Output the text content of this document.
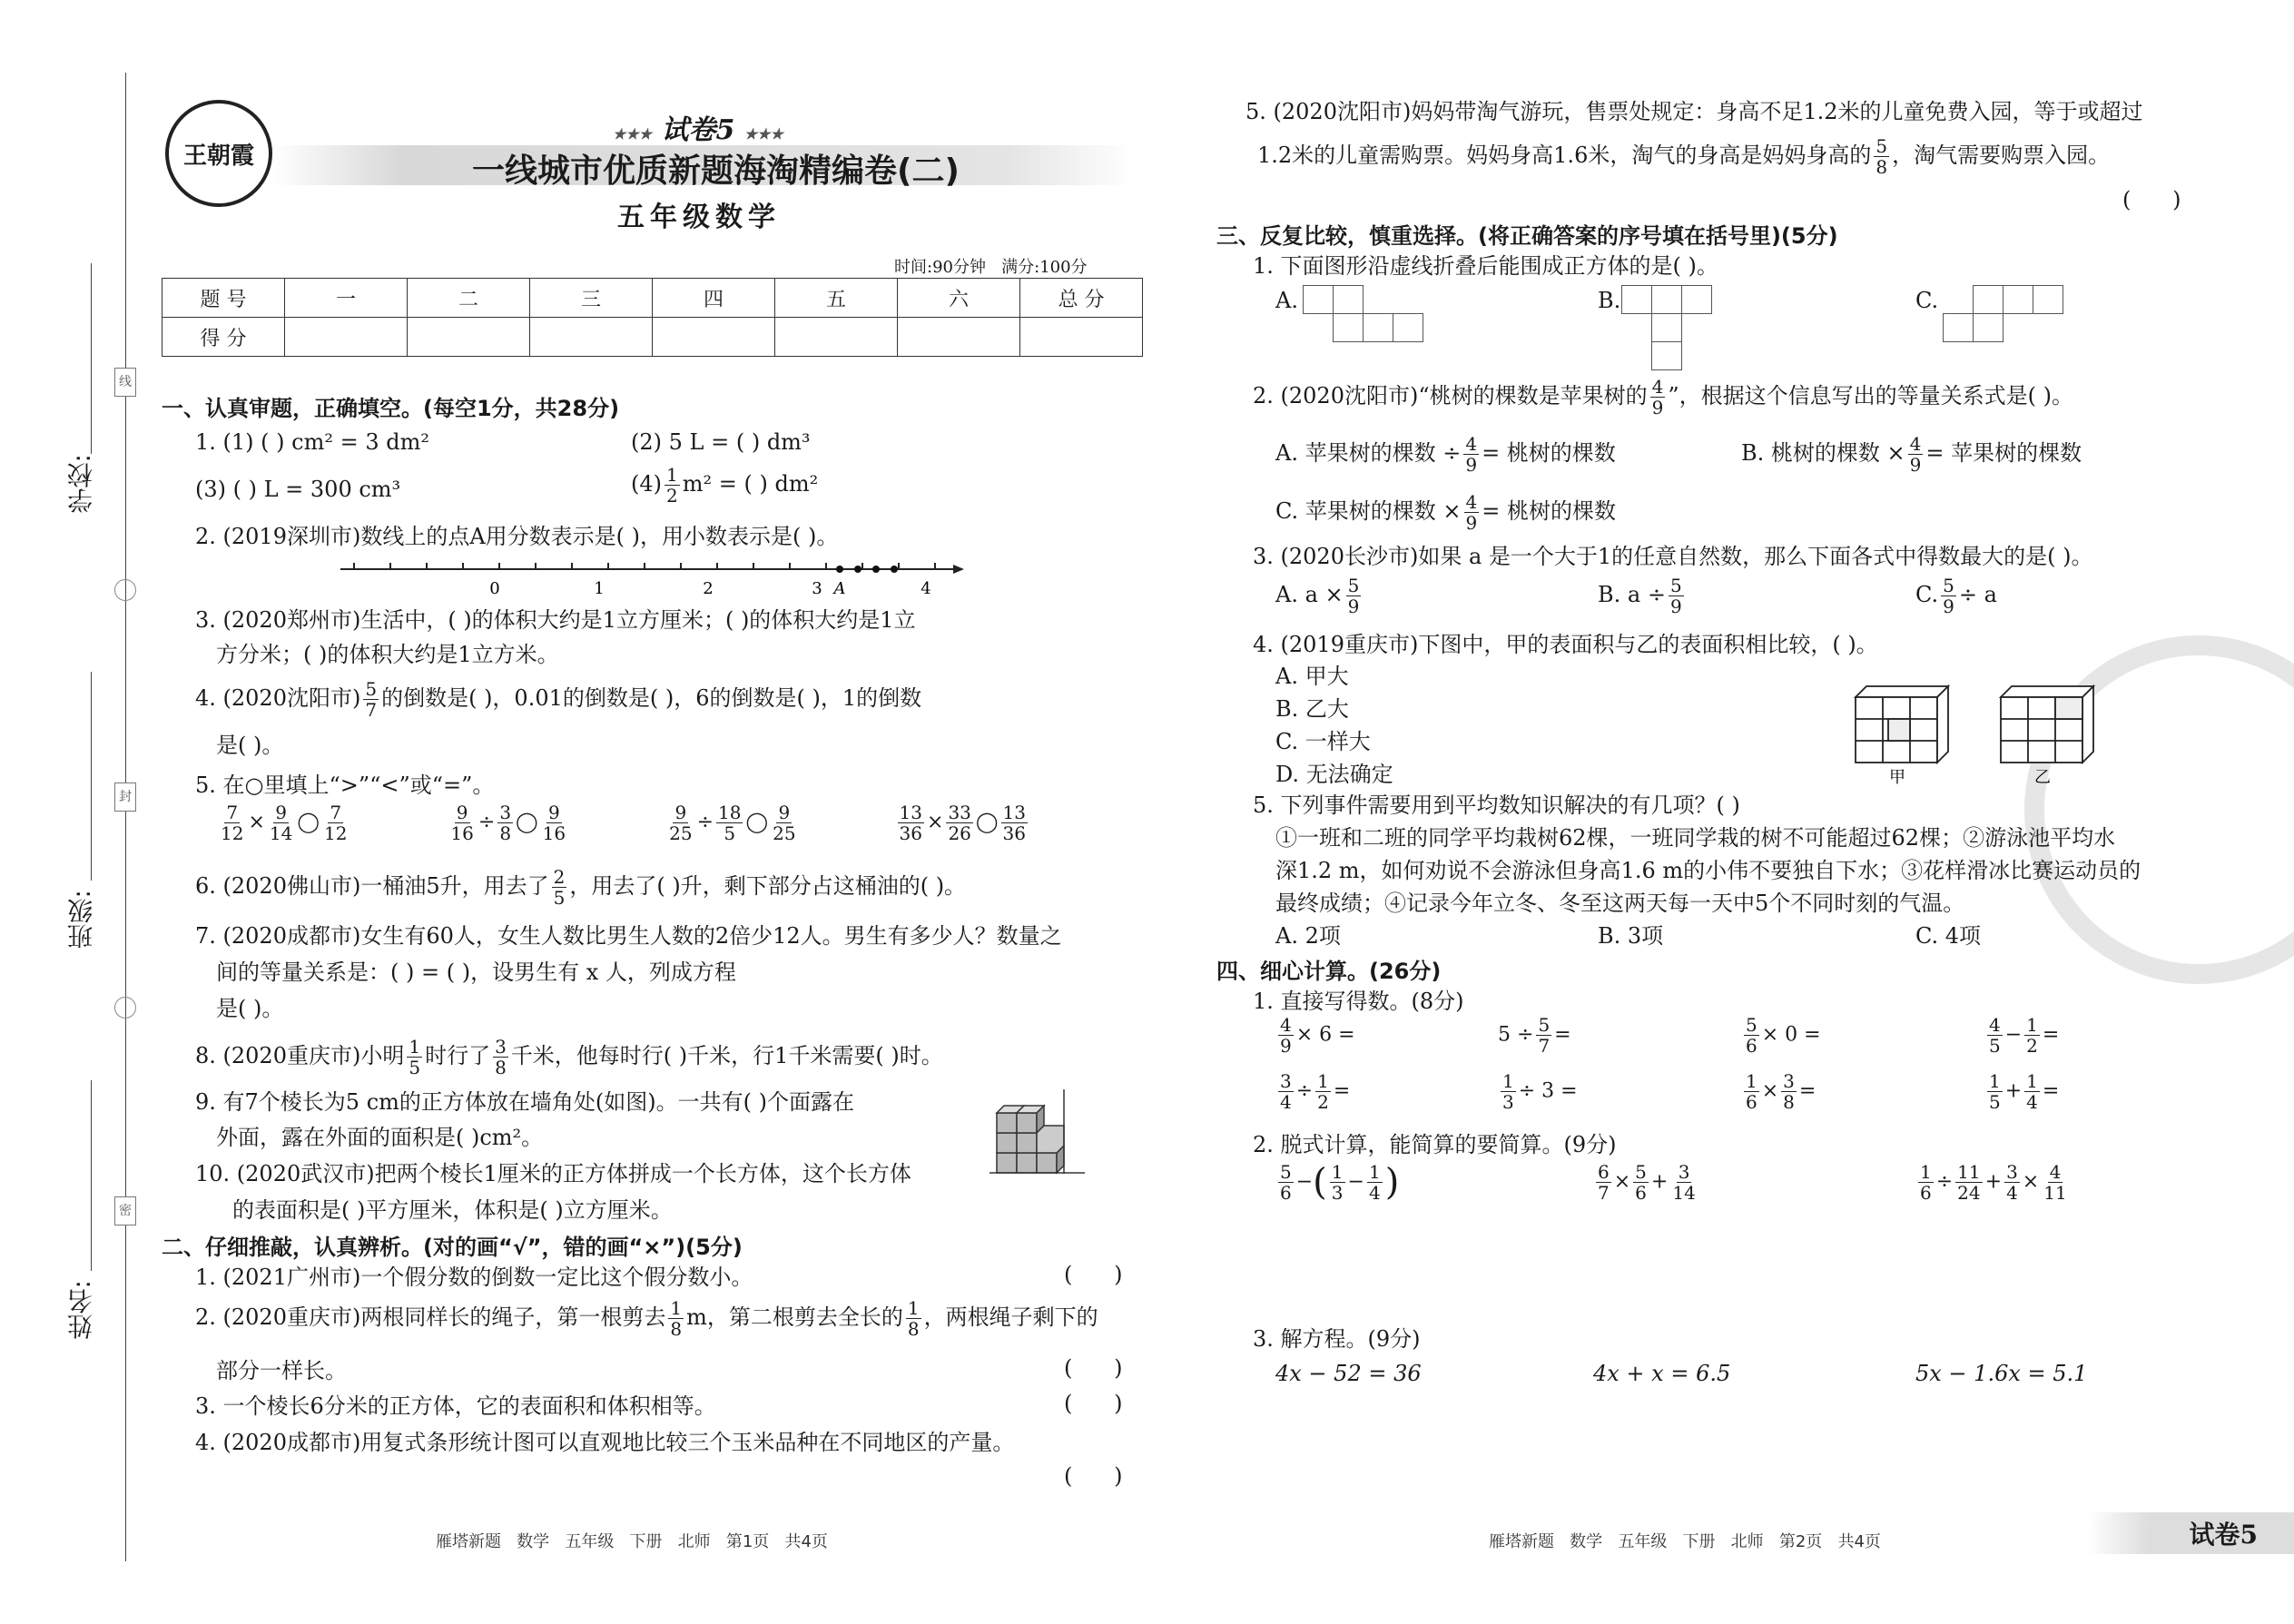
学校:
班级:
姓名:
线
封
密
王朝霞
★★★ 试卷5 ★★★
一线城市优质新题海淘精编卷(二)
五年级数学
时间:90分钟   满分:100分
题 号	一	二	三	四	五	六	总 分
得 分							
一、认真审题，正确填空。(每空1分，共28分)
1. (1) ( ) cm² = 3 dm²	(2) 5 L = ( ) dm³
(3) ( ) L = 300 cm³	$(4) \frac{1}{2} m^2$ = ( ) dm²
2. (2019深圳市)数线上的点A用分数表示是( )，用小数表示是( )。
0	1	2	3 A	4
3. (2020郑州市)生活中，( )的体积大约是1立方厘米；( )的体积大约是1立
方分米；( )的体积大约是1立方米。
4. (2020沈阳市) $\frac{5}{7}$ 的倒数是( )，0.01的倒数是( )，6的倒数是( )，1的倒数
是( )。
5. 在○里填上“>”“<”或“=”。
$\frac{7}{12} \times \frac{9}{14}$ ◯ $\frac{7}{12}$
	$\frac{9}{16} \div \frac{3}{8}$ ◯ $\frac{9}{16}$
	$\frac{9}{25} \div \frac{18}{5}$ ◯ $\frac{9}{25}$
	$\frac{13}{36} \times \frac{33}{26}$ ◯ $\frac{13}{36}$
6. (2020佛山市)一桶油5升，用去了 $\frac{2}{5}$ ，用去了( )升，剩下部分占这桶油的( )。
7. (2020成都市)女生有60人，女生人数比男生人数的2倍少12人。男生有多少人？数量之
间的等量关系是：( ) = ( )，设男生有 x 人，列成方程
是( )。
8. (2020重庆市)小明 $\frac{1}{5}$ 时行了 $\frac{3}{8}$ 千米，他每时行( )千米，行1千米需要( )时。
9. 有7个棱长为5 cm的正方体放在墙角处(如图)。一共有( )个面露在
外面，露在外面的面积是( )cm²。
10. (2020武汉市)把两个棱长1厘米的正方体拼成一个长方体，这个长方体
的表面积是( )平方厘米，体积是( )立方厘米。
二、仔细推敲，认真辨析。(对的画“√”，错的画“×”)(5分)
1. (2021广州市)一个假分数的倒数一定比这个假分数小。	(      )
2. (2020重庆市)两根同样长的绳子，第一根剪去 $\frac{1}{8}$ m，第二根剪去全长的 $\frac{1}{8}$ ，两根绳子剩下的
部分一样长。	(      )
3. 一个棱长6分米的正方体，它的表面积和体积相等。	(      )
4. (2020成都市)用复式条形统计图可以直观地比较三个玉米品种在不同地区的产量。
(      )
雁塔新题   数学   五年级   下册   北师   第1页   共4页
5. (2020沈阳市)妈妈带淘气游玩，售票处规定：身高不足1.2米的儿童免费入园，等于或超过
1.2米的儿童需购票。妈妈身高1.6米，淘气的身高是妈妈身高的 $\frac{5}{8}$ ，淘气需要购票入园。
(      )
三、反复比较，慎重选择。(将正确答案的序号填在括号里)(5分)
1. 下面图形沿虚线折叠后能围成正方体的是( )。
A.

				B.

			C.

2. (2020沈阳市)“桃树的棵数是苹果树的 $\frac{4}{9}$ ”，根据这个信息写出的等量关系式是( )。
A. 苹果树的棵数 ÷ $\frac{4}{9}$ = 桃树的棵数	B. 桃树的棵数 × $\frac{4}{9}$ = 苹果树的棵数
C. 苹果树的棵数 × $\frac{4}{9}$ = 桃树的棵数
3. (2020长沙市)如果 a 是一个大于1的任意自然数，那么下面各式中得数最大的是( )。
A. $a \times \frac{5}{9}$	B. $a \div \frac{5}{9}$	C. $\frac{5}{9} \div a$
4. (2019重庆市)下图中，甲的表面积与乙的表面积相比较，( )。
A. 甲大
B. 乙大
C. 一样大
D. 无法确定	甲	乙
5. 下列事件需要用到平均数知识解决的有几项？( )
①一班和二班的同学平均栽树62棵，一班同学栽的树不可能超过62棵；②游泳池平均水
深1.2 m，如何劝说不会游泳但身高1.6 m的小伟不要独自下水；③花样滑冰比赛运动员的
最终成绩；④记录今年立冬、冬至这两天每一天中5个不同时刻的气温。
A. 2项	B. 3项	C. 4项
四、细心计算。(26分)
1. 直接写得数。(8分)
$\frac{4}{9} \times 6$ =	$5 \div \frac{5}{7}$ =	$\frac{5}{6} \times 0$ =	$\frac{4}{5} - \frac{1}{2}$ =
$\frac{3}{4} \div \frac{1}{2}$ =	$\frac{1}{3} \div 3$ =	$\frac{1}{6} \times \frac{3}{8}$ =	$\frac{1}{5} + \frac{1}{4}$ =
2. 脱式计算，能简算的要简算。(9分)
$\frac{5}{6}$ −( $\frac{1}{3} - \frac{1}{4}$ )	$\frac{6}{7} \times \frac{5}{6} + \frac{3}{14}$	$\frac{1}{6} \div \frac{11}{24} + \frac{3}{4} \times \frac{4}{11}$
3. 解方程。(9分)
4x − 52 = 36	4x + x = 6.5	5x − 1.6x = 5.1
雁塔新题   数学   五年级   下册   北师   第2页   共4页	试卷5
